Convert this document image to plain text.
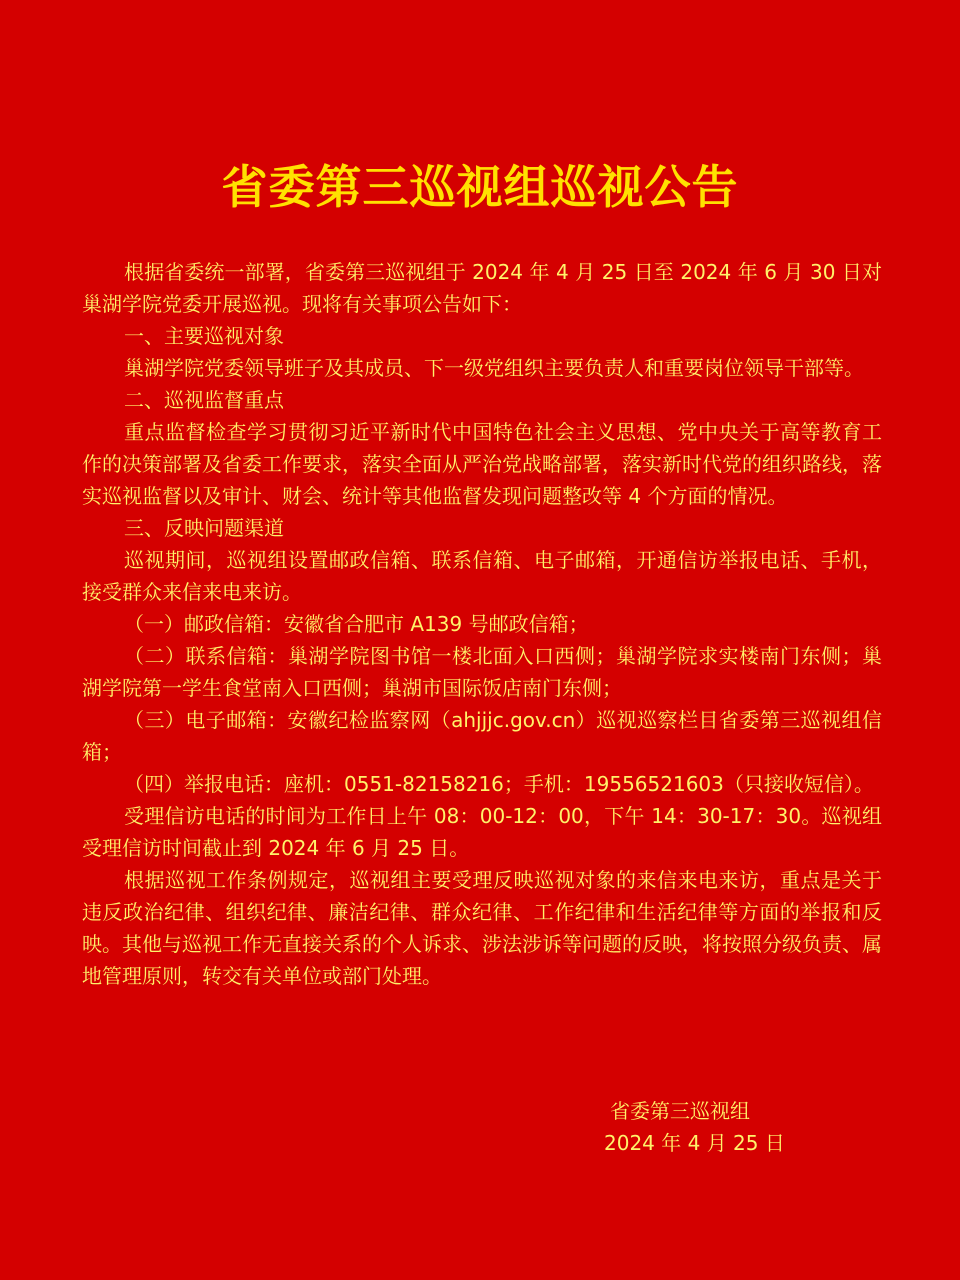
省委第三巡视组巡视公告

根据省委统一部署，省委第三巡视组于 2024 年 4 月 25 日至 2024 年 6 月 30 日对巢湖学院党委开展巡视。现将有关事项公告如下：

一、主要巡视对象

巢湖学院党委领导班子及其成员、下一级党组织主要负责人和重要岗位领导干部等。

二、巡视监督重点

重点监督检查学习贯彻习近平新时代中国特色社会主义思想、党中央关于高等教育工作的决策部署及省委工作要求，落实全面从严治党战略部署，落实新时代党的组织路线，落实巡视监督以及审计、财会、统计等其他监督发现问题整改等 4 个方面的情况。

三、反映问题渠道

巡视期间，巡视组设置邮政信箱、联系信箱、电子邮箱，开通信访举报电话、手机，接受群众来信来电来访。

（一）邮政信箱：安徽省合肥市 A139 号邮政信箱；

（二）联系信箱：巢湖学院图书馆一楼北面入口西侧；巢湖学院求实楼南门东侧；巢湖学院第一学生食堂南入口西侧；巢湖市国际饭店南门东侧；

（三）电子邮箱：安徽纪检监察网（ahjjjc.gov.cn）巡视巡察栏目省委第三巡视组信箱；

（四）举报电话：座机：0551-82158216；手机：19556521603（只接收短信）。

受理信访电话的时间为工作日上午 08：00-12：00，下午 14：30-17：30。巡视组受理信访时间截止到 2024 年 6 月 25 日。

根据巡视工作条例规定，巡视组主要受理反映巡视对象的来信来电来访，重点是关于违反政治纪律、组织纪律、廉洁纪律、群众纪律、工作纪律和生活纪律等方面的举报和反映。其他与巡视工作无直接关系的个人诉求、涉法涉诉等问题的反映，将按照分级负责、属地管理原则，转交有关单位或部门处理。

省委第三巡视组
2024 年 4 月 25 日
